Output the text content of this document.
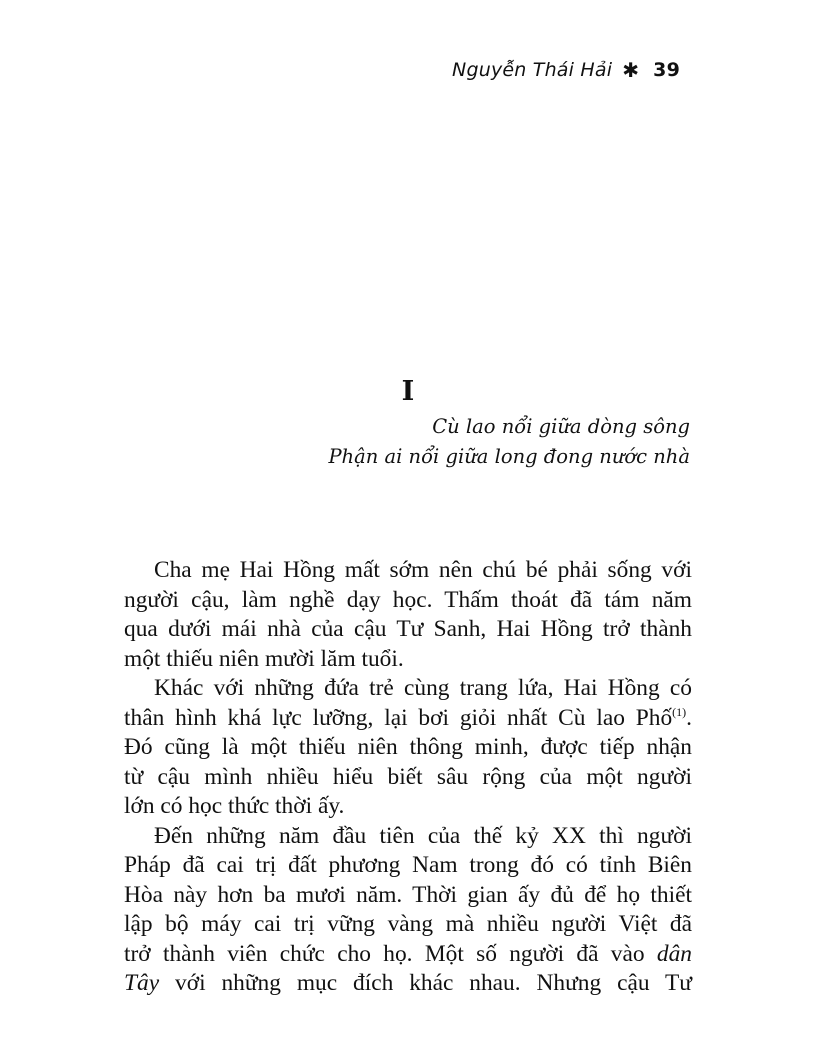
Nguyễn Thái Hải ✱ 39
I
Cù lao nổi giữa dòng sông
Phận ai nổi giữa long đong nước nhà
Cha mẹ Hai Hồng mất sớm nên chú bé phải sống với
người cậu, làm nghề dạy học. Thấm thoát đã tám năm
qua dưới mái nhà của cậu Tư Sanh, Hai Hồng trở thành
một thiếu niên mười lăm tuổi.
Khác với những đứa trẻ cùng trang lứa, Hai Hồng có
thân hình khá lực lưỡng, lại bơi giỏi nhất Cù lao Phố$^{(1)}$.
Đó cũng là một thiếu niên thông minh, được tiếp nhận
từ cậu mình nhiều hiểu biết sâu rộng của một người
lớn có học thức thời ấy.
Đến những năm đầu tiên của thế kỷ XX thì người
Pháp đã cai trị đất phương Nam trong đó có tỉnh Biên
Hòa này hơn ba mươi năm. Thời gian ấy đủ để họ thiết
lập bộ máy cai trị vững vàng mà nhiều người Việt đã
trở thành viên chức cho họ. Một số người đã vào dân
Tây với những mục đích khác nhau. Nhưng cậu Tư
